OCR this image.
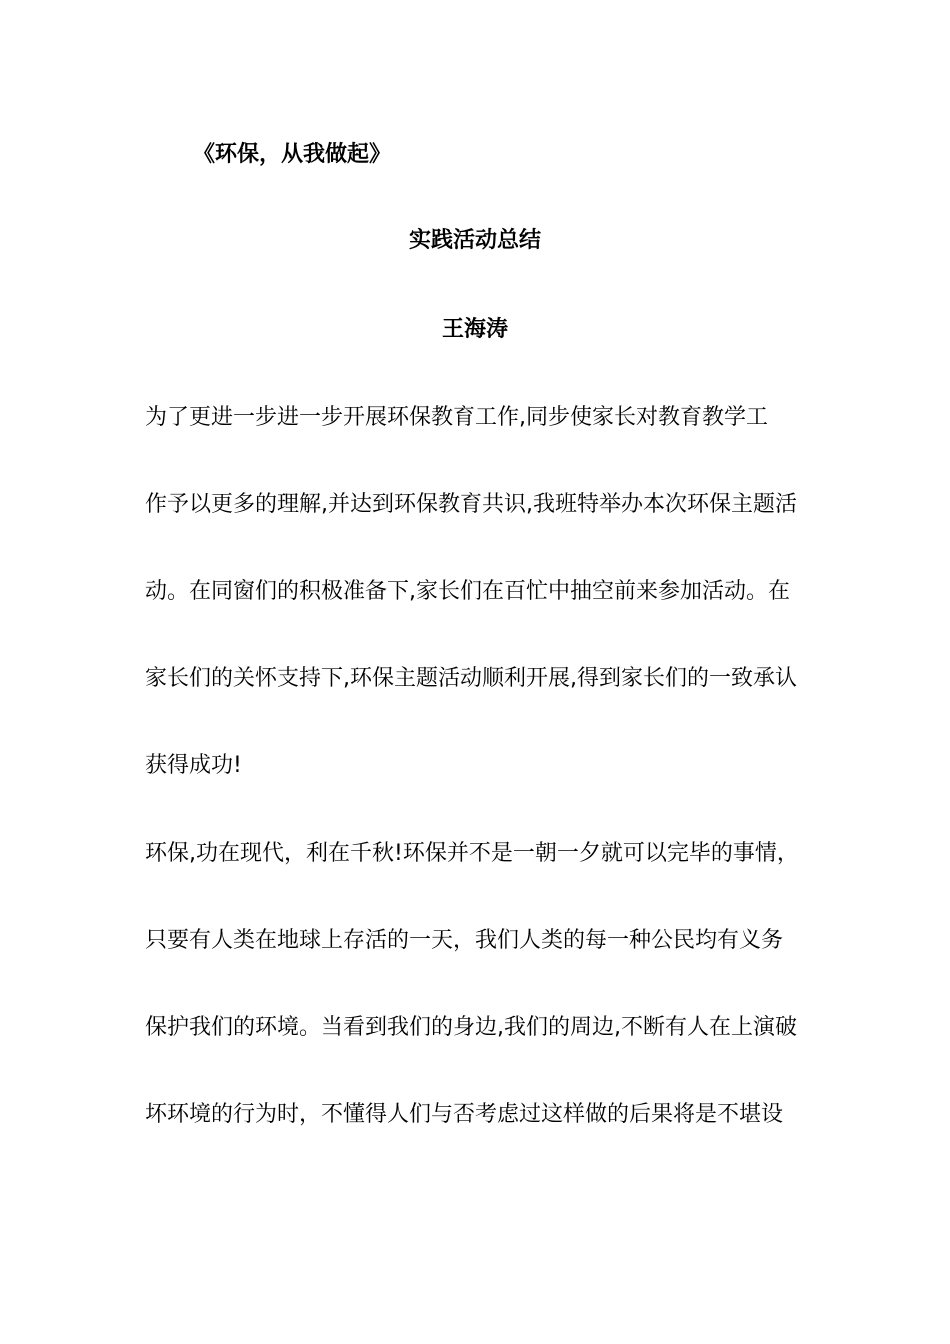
《环保，从我做起》
实践活动总结
王海涛
为了更进一步进一步开展环保教育工作,同步使家长对教育教学工
作予以更多的理解,并达到环保教育共识,我班特举办本次环保主题活
动。在同窗们的积极准备下,家长们在百忙中抽空前来参加活动。在
家长们的关怀支持下,环保主题活动顺利开展,得到家长们的一致承认
获得成功!
环保,功在现代，利在千秋!环保并不是一朝一夕就可以完毕的事情，
只要有人类在地球上存活的一天，我们人类的每一种公民均有义务
保护我们的环境。当看到我们的身边,我们的周边,不断有人在上演破
坏环境的行为时，不懂得人们与否考虑过这样做的后果将是不堪设
